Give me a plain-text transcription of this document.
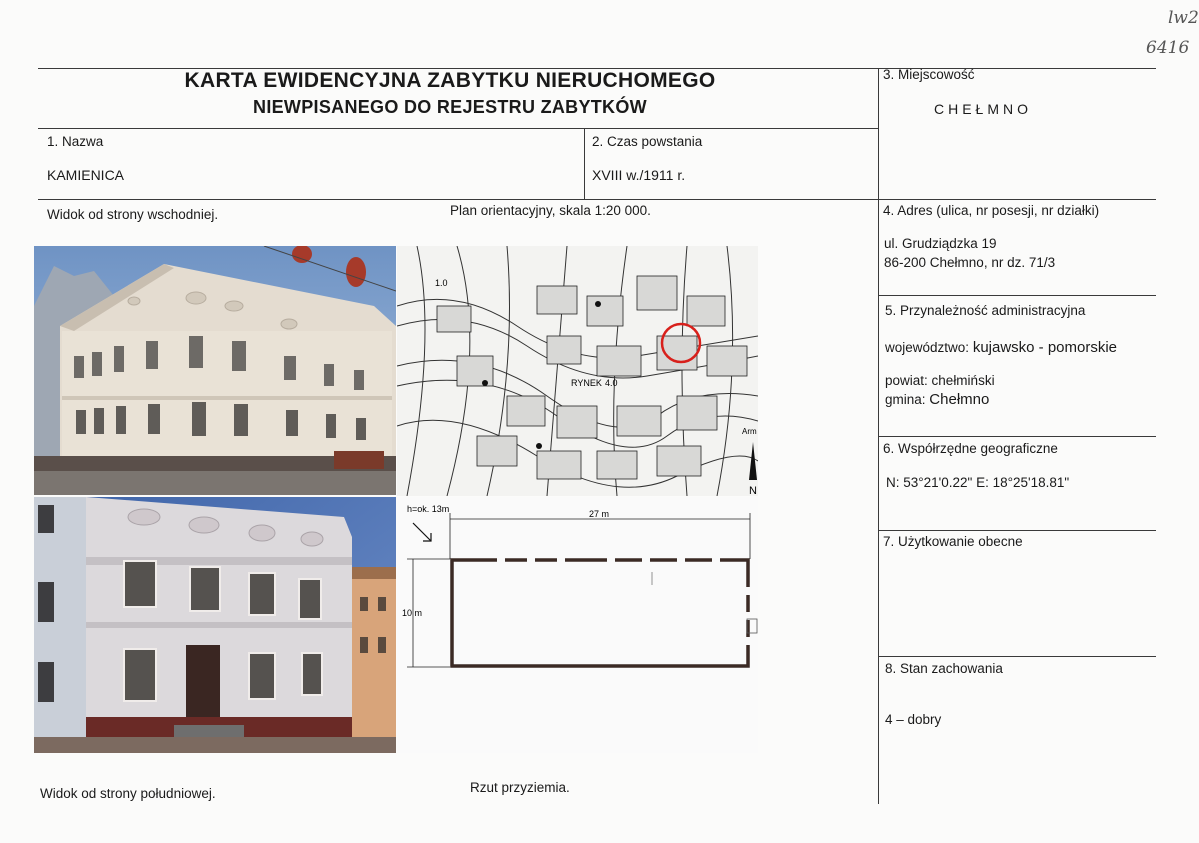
lw2
6416
KARTA EWIDENCYJNA ZABYTKU NIERUCHOMEGO
NIEWPISANEGO DO REJESTRU ZABYTKÓW
1. Nazwa
KAMIENICA
2. Czas powstania
XVIII w./1911 r.
3. Miejscowość
CHEŁMNO
4. Adres (ulica, nr posesji, nr działki)
ul. Grudziądzka 19
86-200 Chełmno, nr dz. 71/3
5. Przynależność administracyjna
województwo: kujawsko - pomorskie
powiat: chełmiński
gmina: Chełmno
6. Współrzędne geograficzne
N: 53°21'0.22" E: 18°25'18.81"
7. Użytkowanie obecne
8. Stan zachowania
4 – dobry
Widok od strony wschodniej.	Plan orientacyjny, skala 1:20 000.
Widok od strony południowej.	Rzut przyziemia.
RYNEK 4.0
1.0
Arm
N
h=ok. 13m	27 m
10 m
